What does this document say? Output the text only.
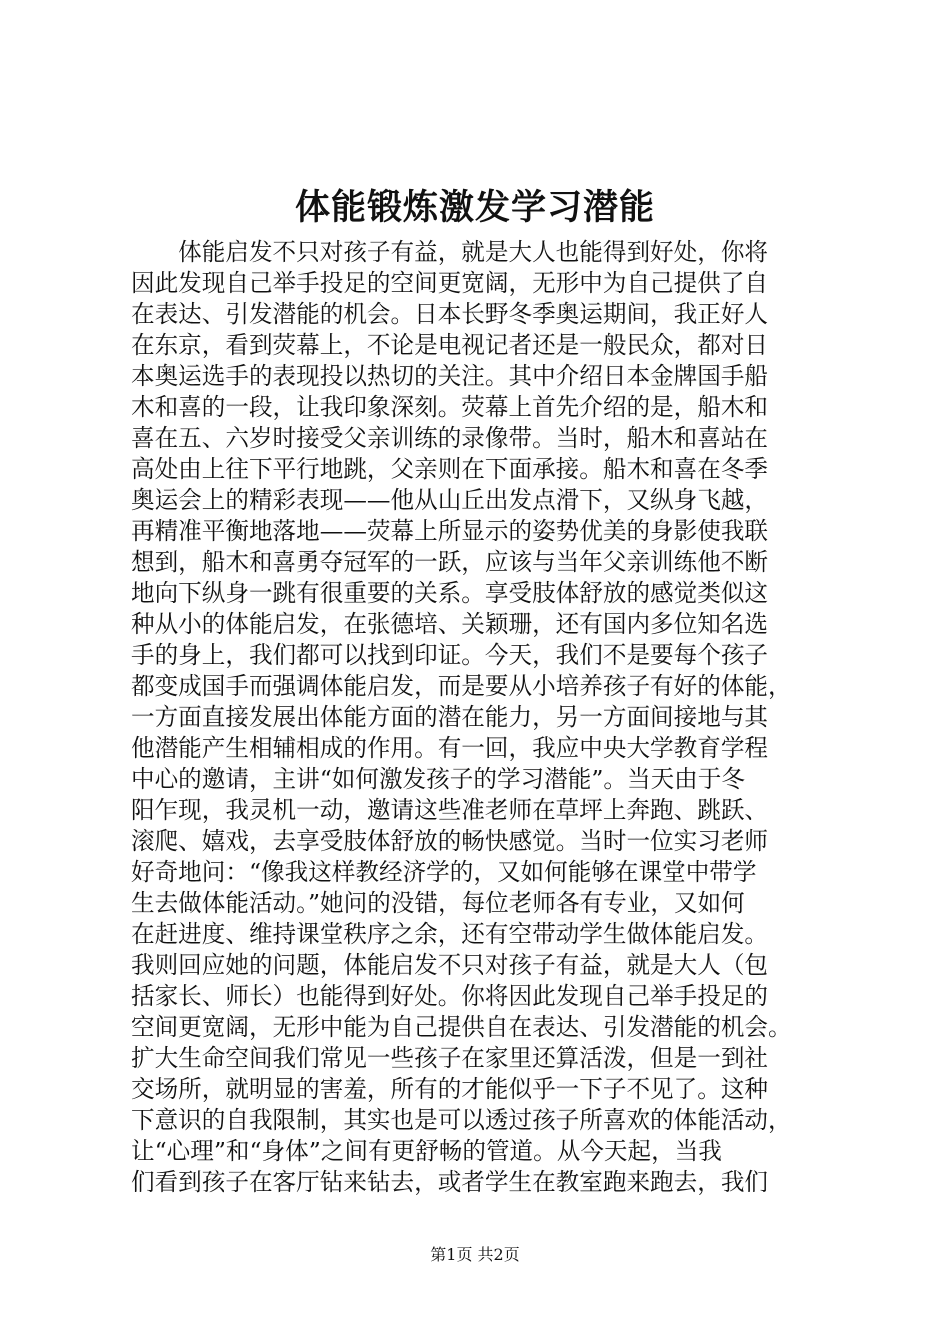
体能锻炼激发学习潜能
　　体能启发不只对孩子有益，就是大人也能得到好处，你将
因此发现自己举手投足的空间更宽阔，无形中为自己提供了自
在表达、引发潜能的机会。日本长野冬季奥运期间，我正好人
在东京，看到荧幕上，不论是电视记者还是一般民众，都对日
本奥运选手的表现投以热切的关注。其中介绍日本金牌国手船
木和喜的一段，让我印象深刻。荧幕上首先介绍的是，船木和
喜在五、六岁时接受父亲训练的录像带。当时，船木和喜站在
高处由上往下平行地跳，父亲则在下面承接。船木和喜在冬季
奥运会上的精彩表现——他从山丘出发点滑下，又纵身飞越，
再精准平衡地落地——荧幕上所显示的姿势优美的身影使我联
想到，船木和喜勇夺冠军的一跃，应该与当年父亲训练他不断
地向下纵身一跳有很重要的关系。享受肢体舒放的感觉类似这
种从小的体能启发，在张德培、关颖珊，还有国内多位知名选
手的身上，我们都可以找到印证。今天，我们不是要每个孩子
都变成国手而强调体能启发，而是要从小培养孩子有好的体能，
一方面直接发展出体能方面的潜在能力，另一方面间接地与其
他潜能产生相辅相成的作用。有一回，我应中央大学教育学程
中心的邀请，主讲“如何激发孩子的学习潜能”。当天由于冬
阳乍现，我灵机一动，邀请这些准老师在草坪上奔跑、跳跃、
滚爬、嬉戏，去享受肢体舒放的畅快感觉。当时一位实习老师
好奇地问：“像我这样教经济学的，又如何能够在课堂中带学
生去做体能活动。”她问的没错，每位老师各有专业，又如何
在赶进度、维持课堂秩序之余，还有空带动学生做体能启发。
我则回应她的问题，体能启发不只对孩子有益，就是大人（包
括家长、师长）也能得到好处。你将因此发现自己举手投足的
空间更宽阔，无形中能为自己提供自在表达、引发潜能的机会。
扩大生命空间我们常见一些孩子在家里还算活泼，但是一到社
交场所，就明显的害羞，所有的才能似乎一下子不见了。这种
下意识的自我限制，其实也是可以透过孩子所喜欢的体能活动，
让“心理”和“身体”之间有更舒畅的管道。从今天起，当我
们看到孩子在客厅钻来钻去，或者学生在教室跑来跑去，我们
第1页 共2页
